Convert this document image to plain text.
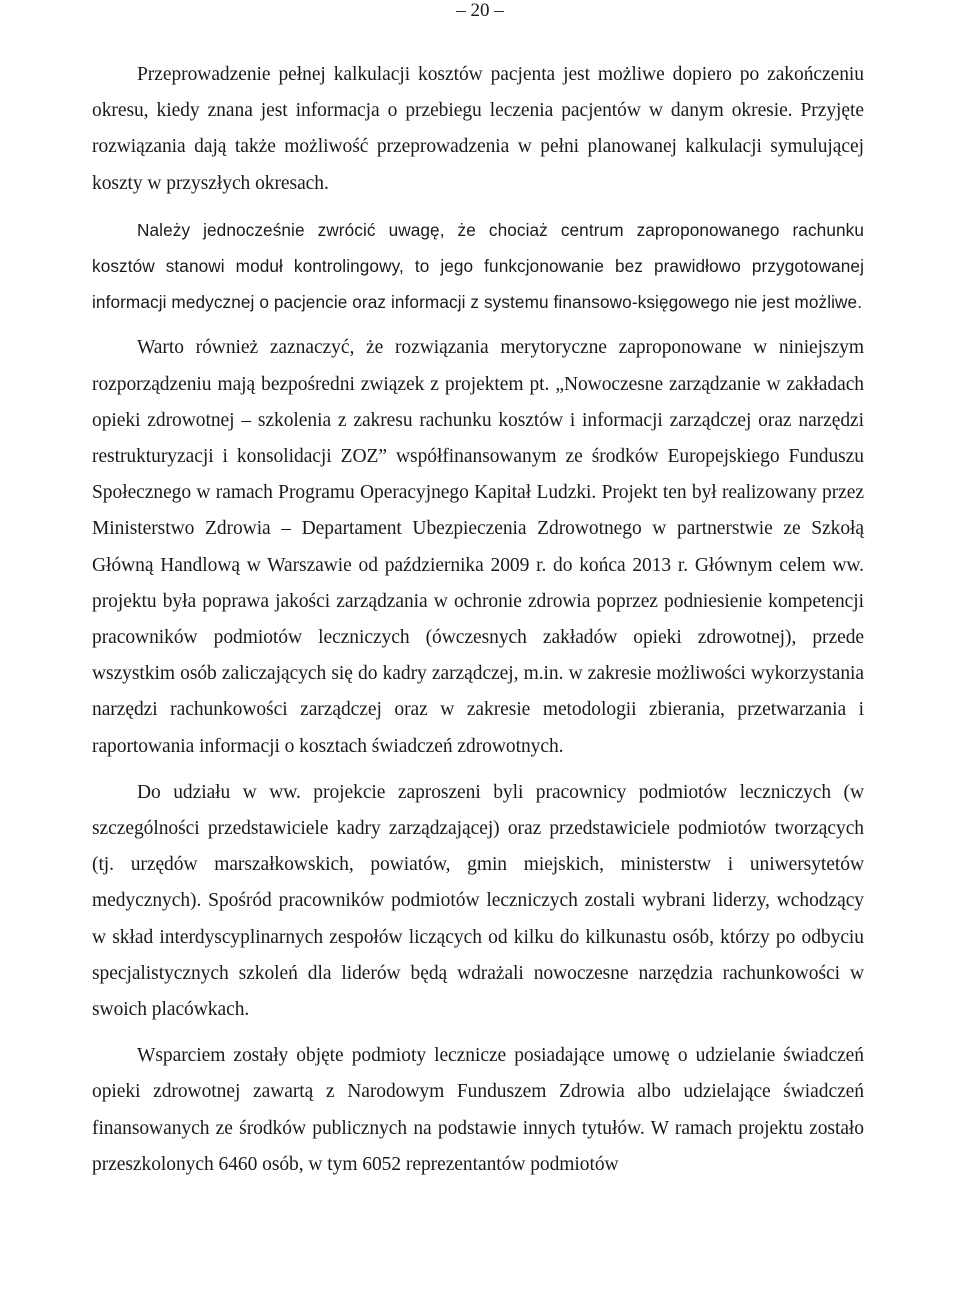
– 20 –

Przeprowadzenie pełnej kalkulacji kosztów pacjenta jest możliwe dopiero po zakończeniu okresu, kiedy znana jest informacja o przebiegu leczenia pacjentów w danym okresie. Przyjęte rozwiązania dają także możliwość przeprowadzenia w pełni planowanej kalkulacji symulującej koszty w przyszłych okresach.

Należy jednocześnie zwrócić uwagę, że chociaż centrum zaproponowanego rachunku kosztów stanowi moduł kontrolingowy, to jego funkcjonowanie bez prawidłowo przygotowanej informacji medycznej o pacjencie oraz informacji z systemu finansowo-księgowego nie jest możliwe.

Warto również zaznaczyć, że rozwiązania merytoryczne zaproponowane w niniejszym rozporządzeniu mają bezpośredni związek z projektem pt. „Nowoczesne zarządzanie w zakładach opieki zdrowotnej – szkolenia z zakresu rachunku kosztów i informacji zarządczej oraz narzędzi restrukturyzacji i konsolidacji ZOZ” współfinansowanym ze środków Europejskiego Funduszu Społecznego w ramach Programu Operacyjnego Kapitał Ludzki. Projekt ten był realizowany przez Ministerstwo Zdrowia – Departament Ubezpieczenia Zdrowotnego w partnerstwie ze Szkołą Główną Handlową w Warszawie od października 2009 r. do końca 2013 r. Głównym celem ww. projektu była poprawa jakości zarządzania w ochronie zdrowia poprzez podniesienie kompetencji pracowników podmiotów leczniczych (ówczesnych zakładów opieki zdrowotnej), przede wszystkim osób zaliczających się do kadry zarządczej, m.in. w zakresie możliwości wykorzystania narzędzi rachunkowości zarządczej oraz w zakresie metodologii zbierania, przetwarzania i raportowania informacji o kosztach świadczeń zdrowotnych.

Do udziału w ww. projekcie zaproszeni byli pracownicy podmiotów leczniczych (w szczególności przedstawiciele kadry zarządzającej) oraz przedstawiciele podmiotów tworzących (tj. urzędów marszałkowskich, powiatów, gmin miejskich, ministerstw i uniwersytetów medycznych). Spośród pracowników podmiotów leczniczych zostali wybrani liderzy, wchodzący w skład interdyscyplinarnych zespołów liczących od kilku do kilkunastu osób, którzy po odbyciu specjalistycznych szkoleń dla liderów będą wdrażali nowoczesne narzędzia rachunkowości w swoich placówkach.

Wsparciem zostały objęte podmioty lecznicze posiadające umowę o udzielanie świadczeń opieki zdrowotnej zawartą z Narodowym Funduszem Zdrowia albo udzielające świadczeń finansowanych ze środków publicznych na podstawie innych tytułów. W ramach projektu zostało przeszkolonych 6460 osób, w tym 6052 reprezentantów podmiotów
